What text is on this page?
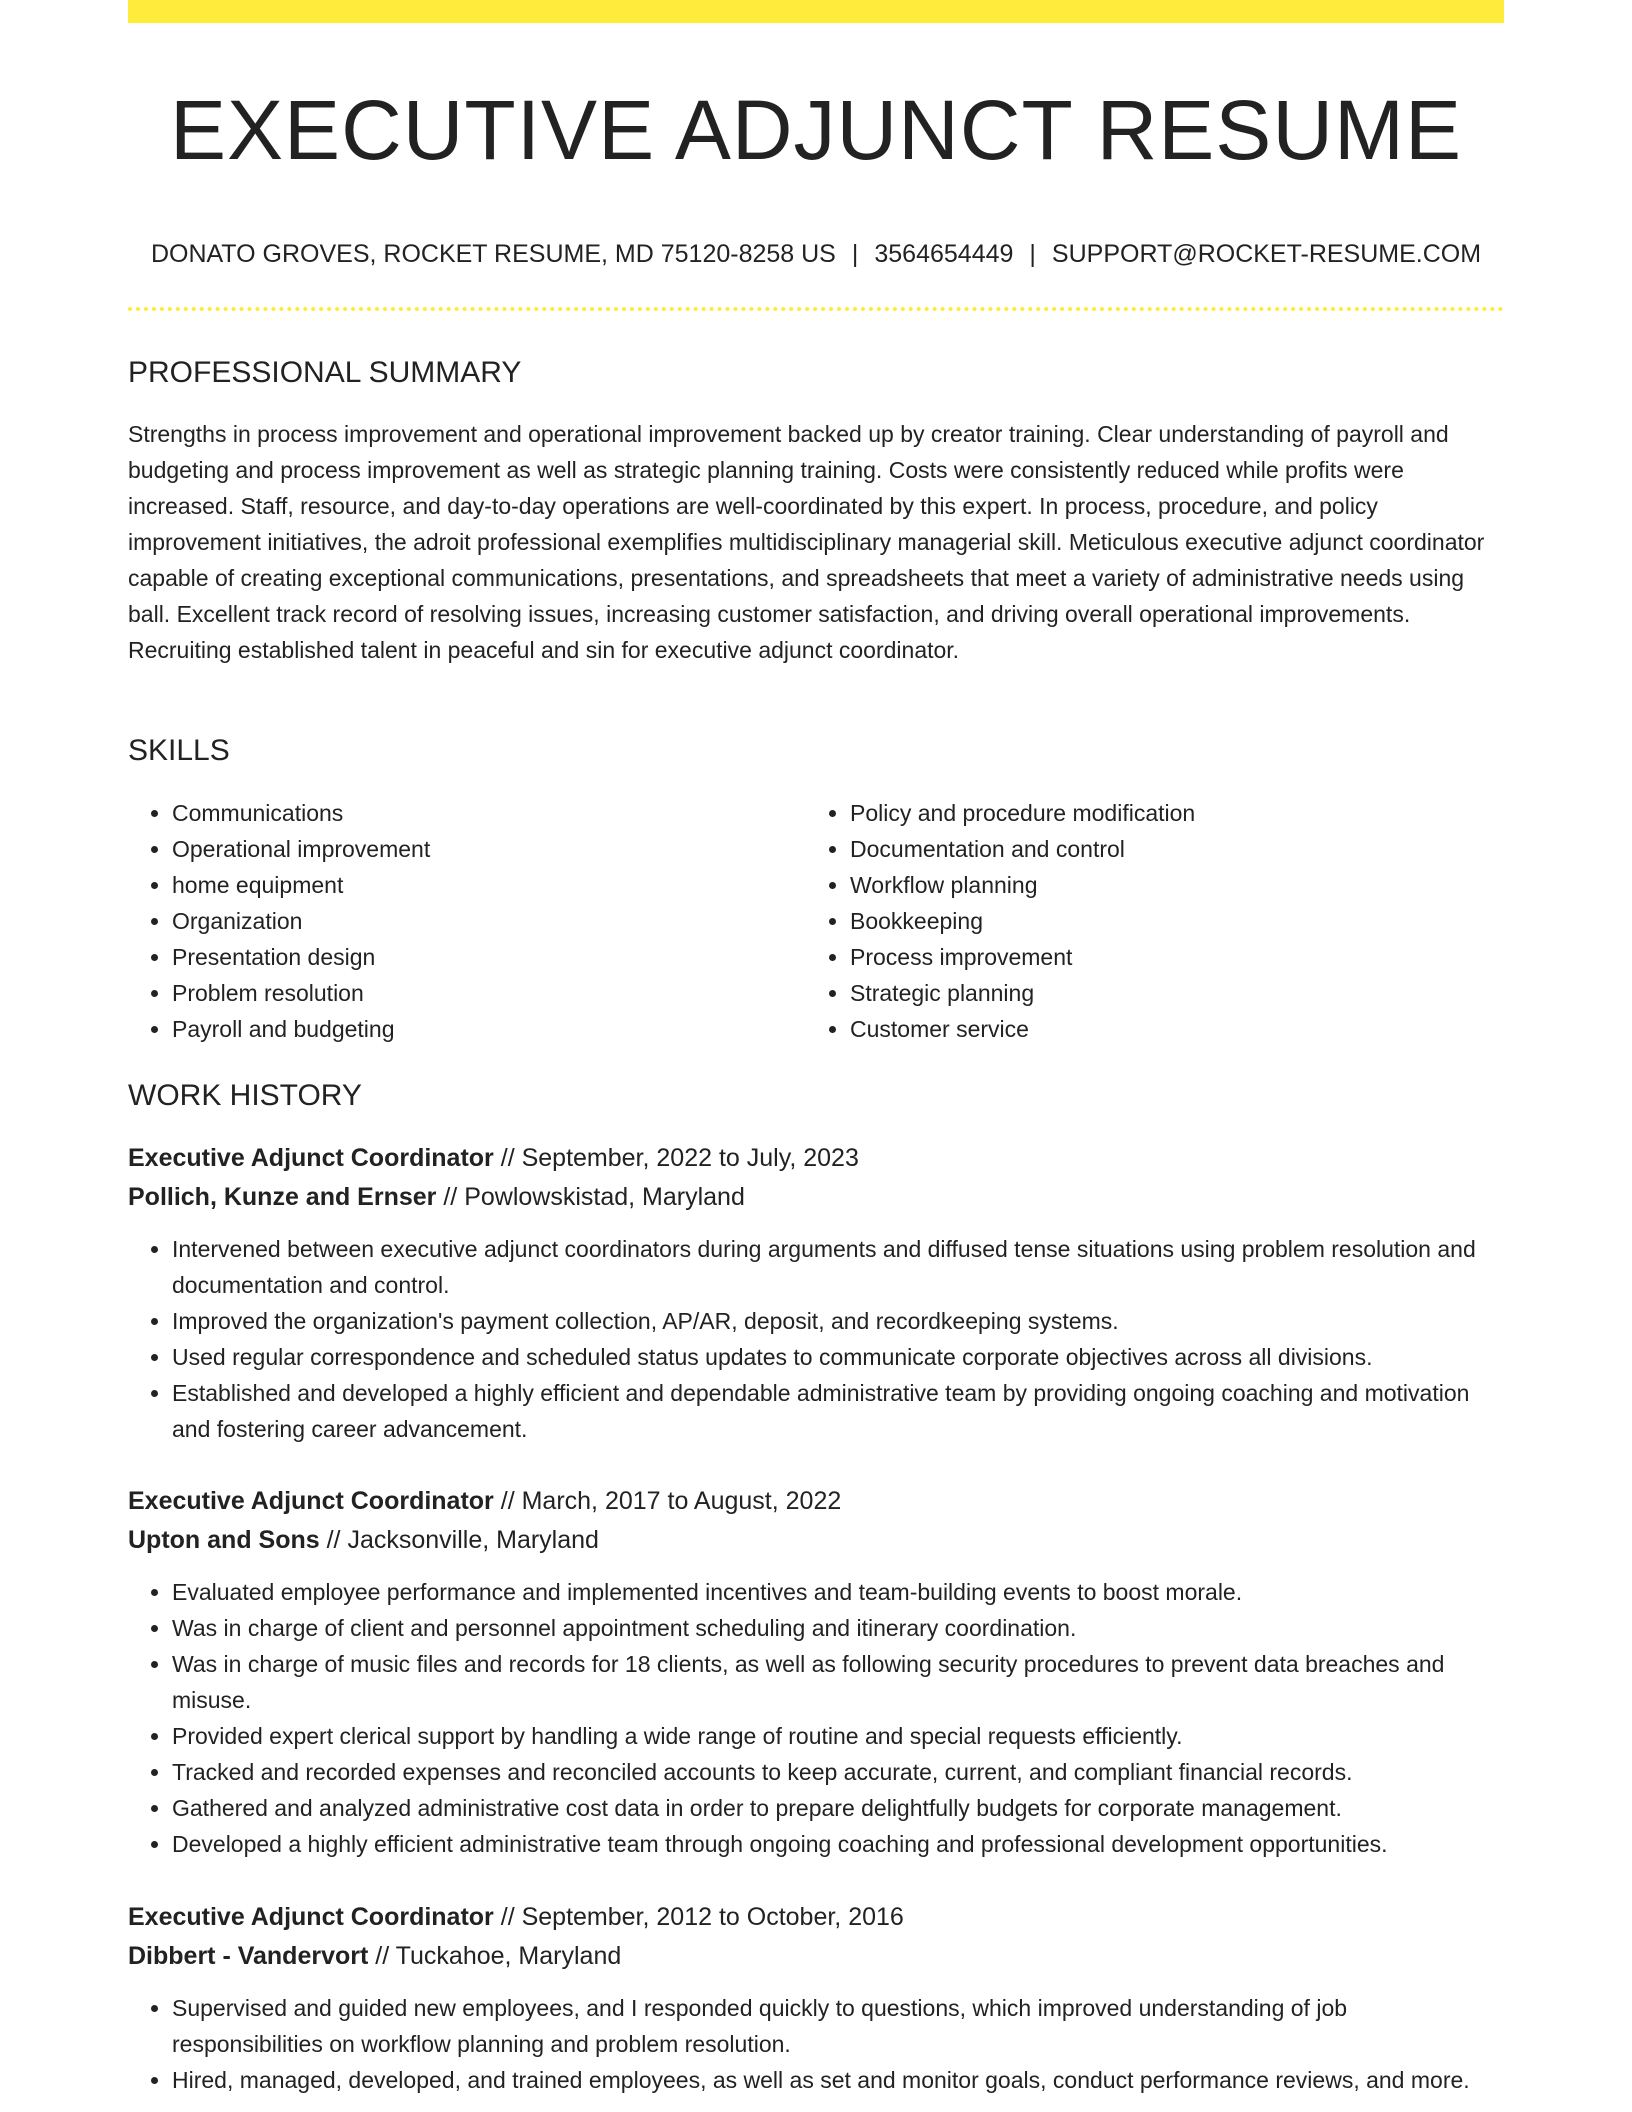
EXECUTIVE ADJUNCT RESUME
DONATO GROVES, ROCKET RESUME, MD 75120-8258 US | 3564654449 | SUPPORT@ROCKET-RESUME.COM
PROFESSIONAL SUMMARY

Strengths in process improvement and operational improvement backed up by creator training. Clear understanding of payroll and budgeting and process improvement as well as strategic planning training. Costs were consistently reduced while profits were increased. Staff, resource, and day-to-day operations are well-coordinated by this expert. In process, procedure, and policy improvement initiatives, the adroit professional exemplifies multidisciplinary managerial skill. Meticulous executive adjunct coordinator capable of creating exceptional communications, presentations, and spreadsheets that meet a variety of administrative needs using ball. Excellent track record of resolving issues, increasing customer satisfaction, and driving overall operational improvements. Recruiting established talent in peaceful and sin for executive adjunct coordinator.

SKILLS
• Communications
• Operational improvement
• home equipment
• Organization
• Presentation design
• Problem resolution
• Payroll and budgeting
• Policy and procedure modification
• Documentation and control
• Workflow planning
• Bookkeeping
• Process improvement
• Strategic planning
• Customer service
WORK HISTORY
Executive Adjunct Coordinator // September, 2022 to July, 2023
Pollich, Kunze and Ernser // Powlowskistad, Maryland
• Intervened between executive adjunct coordinators during arguments and diffused tense situations using problem resolution and documentation and control.
• Improved the organization's payment collection, AP/AR, deposit, and recordkeeping systems.
• Used regular correspondence and scheduled status updates to communicate corporate objectives across all divisions.
• Established and developed a highly efficient and dependable administrative team by providing ongoing coaching and motivation and fostering career advancement.
Executive Adjunct Coordinator // March, 2017 to August, 2022
Upton and Sons // Jacksonville, Maryland
• Evaluated employee performance and implemented incentives and team-building events to boost morale.
• Was in charge of client and personnel appointment scheduling and itinerary coordination.
• Was in charge of music files and records for 18 clients, as well as following security procedures to prevent data breaches and misuse.
• Provided expert clerical support by handling a wide range of routine and special requests efficiently.
• Tracked and recorded expenses and reconciled accounts to keep accurate, current, and compliant financial records.
• Gathered and analyzed administrative cost data in order to prepare delightfully budgets for corporate management.
• Developed a highly efficient administrative team through ongoing coaching and professional development opportunities.
Executive Adjunct Coordinator // September, 2012 to October, 2016
Dibbert - Vandervort // Tuckahoe, Maryland
• Supervised and guided new employees, and I responded quickly to questions, which improved understanding of job responsibilities on workflow planning and problem resolution.
• Hired, managed, developed, and trained employees, as well as set and monitor goals, conduct performance reviews, and more.
